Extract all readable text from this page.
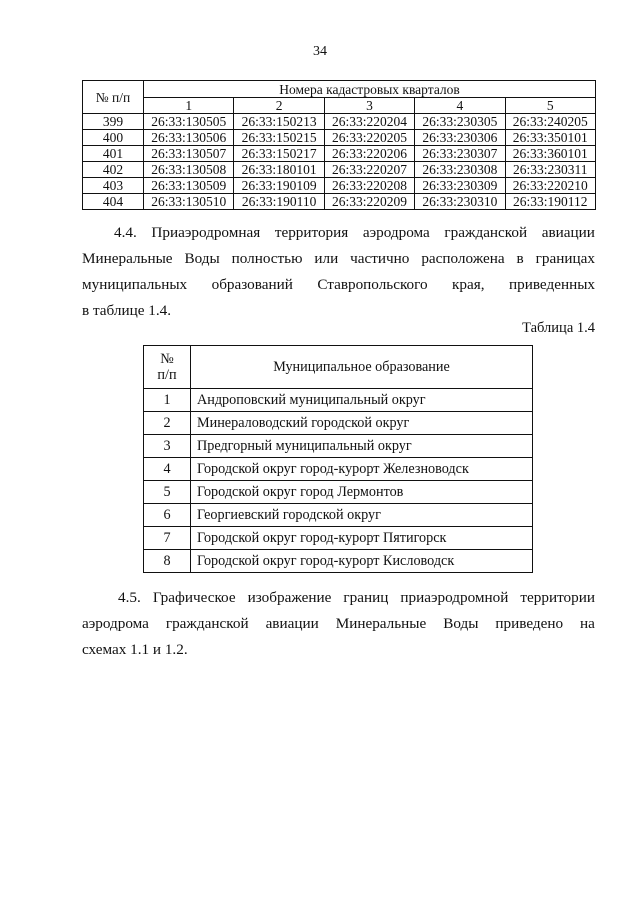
34
№ п/п	Номера кадастровых кварталов				
	1	2	3	4	5
399	26:33:130505	26:33:150213	26:33:220204	26:33:230305	26:33:240205
400	26:33:130506	26:33:150215	26:33:220205	26:33:230306	26:33:350101
401	26:33:130507	26:33:150217	26:33:220206	26:33:230307	26:33:360101
402	26:33:130508	26:33:180101	26:33:220207	26:33:230308	26:33:230311
403	26:33:130509	26:33:190109	26:33:220208	26:33:230309	26:33:220210
404	26:33:130510	26:33:190110	26:33:220209	26:33:230310	26:33:190112
4.4. Приаэродромная территория аэродрома гражданской авиации
Минеральные Воды полностью или частично расположена в границах
муниципальных образований Ставропольского края, приведенных
в таблице 1.4.
Таблица 1.4
№
п/п	Муниципальное образование
1	Андроповский муниципальный округ
2	Минераловодский городской округ
3	Предгорный муниципальный округ
4	Городской округ город-курорт Железноводск
5	Городской округ город Лермонтов
6	Георгиевский городской округ
7	Городской округ город-курорт Пятигорск
8	Городской округ город-курорт Кисловодск
4.5. Графическое изображение границ приаэродромной территории
аэродрома гражданской авиации Минеральные Воды приведено на
схемах 1.1 и 1.2.
